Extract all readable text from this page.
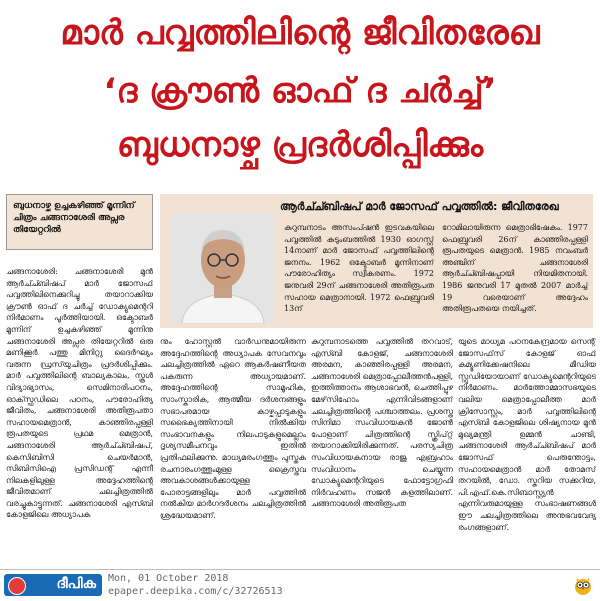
മാർ പവ്വത്തിലിന്റെ ജീവിതരേഖ
‘ദ ക്രൗൺ ഓഫ് ദ ചർച്ച്’
ബുധനാഴ്ച പ്രദർശിപ്പിക്കും
ബുധനാഴ്ച ഉച്ചകഴിഞ്ഞ് മൂന്നിന് ചിത്രം ചങ്ങനാശേരി അപ്സര തിയേറ്ററിൽ
ചങ്ങനാശേരി: ചങ്ങനാശേരി മുൻ ആർച്ച്ബിഷപ് മാർ ജോസഫ് പവ്വത്തിലിനെക്കുറിച്ചു തയാറാക്കിയ ക്രൗൺ ഓഫ് ദ ചർച്ച് ഡോക്യുമെന്ററി നിർമാണം പൂർത്തിയായി. ഒക്ടോബർ മൂന്നിന് ഉച്ചകഴിഞ്ഞ് മൂന്നിനു ചങ്ങനാശേരി അപ്സര തിയേറ്ററിൽ ഒരു മണിക്കൂർ പത്തു മിനിറ്റു ദൈർഘ്യം വരുന്ന ഡ്രസ്‌യുചിത്രം പ്രദർശിപ്പിക്കും. മാർ പവ്വത്തിലിന്റെ ബാല്യകാലം, സ്കൂൾ വിദ്യാഭ്യാസം, സെമിനാരിപഠനം, ഓക്സ്ഫഡിലെ പഠനം, പൗരോഹിത്യ ജീവിതം, ചങ്ങനാശേരി അതിരൂപതാ സഹായമെത്രാൻ, കാഞ്ഞിരപ്പള്ളി രൂപതയുടെ പ്രഥമ മെത്രാൻ, ചങ്ങനാശേരി ആർച്ച്ബിഷപ്, കെസിബിസി ചെയർമാൻ, സിബിസിഐ പ്രസിഡന്റ് എന്നീ നിലകളിലുള്ള അദ്ദേഹത്തിന്റെ ജീവിതമാണ് ചലച്ചിത്രത്തിൽ വരച്ചുകാട്ടുന്നത്. ചങ്ങനാശേരി എസ്ബി കോളജിലെ അധ്യാപക
ആർച്ച്ബിഷപ് മാർ ജോസഫ് പവ്വത്തിൽ: ജീവിതരേഖ
കുറുമ്പനാടം അസംപ്ഷൻ ഇടവകയിലെ പവ്വത്തിൽ കുടുംബത്തിൽ 1930 ഓഗസ്റ്റ് 14നാണ് മാർ ജോസഫ് പവ്വത്തിലിന്റെ ജനനം. 1962 ഒക്ടോബർ മൂന്നിനാണ് പൗരോഹിത്യം സ്വീകരണം. 1972 ജനുവരി 29ന് ചങ്ങനാശേരി അതിരൂപത സഹായ മെത്രാനായി. 1972 ഫെബ്രുവരി 13ന്
റോമിലായിരുന്ന മെത്രാഭിഷേകം. 1977 ഫെബ്രുവരി 26ന് കാഞ്ഞിരപ്പള്ളി രൂപതയുടെ മെത്രാൻ. 1985 നവംബർ അഞ്ചിന് ചങ്ങനാശേരി ആർച്ച്ബിഷപ്പായി നിയമിതനായി. 1986 ജനുവരി 17 മുതൽ 2007 മാർച്ച് 19 വരെയാണ് അദ്ദേഹം അതിരൂപതയെ നയിച്ചത്.
നും ഹോസ്റ്റൽ വാർഡനുമായിരുന്ന അദ്ദേഹത്തിന്റെ അധ്യാപക സേവനവും ചലച്ചിത്രത്തിൽ ഏറെ ആകർഷണീയത പകരുന്ന അധ്യായമാണ്. അദ്ദേഹത്തിന്റെ സാമൂഹിക, സാംസ്കാരിക, ആത്മീയ ദർശനങ്ങളും സഭാപരമായ കാഴ്ചപ്പാടുകളും സഭൈക്യത്തിനായി നിൽക്കിയ സംഭാവനകളും നിലപാടുകളുമെല്ലാം ദൃശ്യസമീപനവും ഇതിൽ പ്രതിഫലിക്കുന്നു. മാധ്യമരംഗത്തും പുസ്തക രചനാരംഗത്തുംമുള്ള ക്രൈസ്തവ അവകാശങ്ങൾക്കായുള്ള പോരാട്ടങ്ങളിലും മാർ പവ്വത്തിൽ നൽകിയ മാർഗദർശനം ചലച്ചിത്രത്തിൽ ശ്രദ്ധേയമാണ്.
കുറുമ്പനാടത്തെ പവ്വത്തിൽ തറവാട്, എസ്ബി കോളജ്, ചങ്ങനാശേരി അരമന, കാഞ്ഞിരപ്പള്ളി അരമന, ചങ്ങനാശേരി മെത്രാപ്പോലീത്തൻപള്ളി, ഇത്തിത്താനം ആശാഭവൻ, ചെത്തിപ്പുഴ മേഴ്‌സിഹോം എന്നിവിടങ്ങളാണ് ചലച്ചിത്രത്തിന്റെ പശ്ചാത്തലം. പ്രശസ്ത സിനിമാ സംവിധായകൻ ജോൺ പോളാണ് ചിത്രത്തിന്റെ സ്ക്രിപ്റ്റ് തയാറാക്കിയിരിക്കുന്നത്. പരസ്യചിത്ര സംവിധായകനായ രാജു എബ്രഹാം സംവിധാനം ചെയ്യുന്ന ഡോക്യുമെന്ററിയുടെ ഫോട്ടോഗ്രഫി നിർവഹണം സജൻ കളത്തിലാണ്. ചങ്ങനാശേരി അതിരൂപത
യുടെ മാധ്യമ പഠനകേന്ദ്രമായ സെന്റ് ജോസഫ്‌സ് കോളജ് ഓഫ് കമ്യൂണിക്കേഷനിലെ മീഡിയ സ്റ്റുഡിയോയാണ് ഡോക്യുമെന്ററിയുടെ നിർമാണം. മാർത്തോമ്മാസഭയുടെ വലിയ മെത്രാപ്പോലീത്ത മാർ ക്രിസോസ്റ്റം, മാർ പവ്വത്തിലിന്റെ എസ്ബി കോളജിലെ ശിഷ്യനായ മുൻ മുഖ്യമന്ത്രി ഉമ്മൻ ചാണ്ടി, ചങ്ങനാശേരി ആർച്ച്ബിഷപ് മാർ ജോസഫ് പെരുന്തോട്ടം, സഹായമെത്രാൻ മാർ തോമസ് തറയിൽ, ഡോ. സ്കറിയ സക്കറിയ, പി.എഫ്.കെ.സിബാസ്റ്റ്യൻ എന്നിവരുമായുള്ള സംഭാഷണങ്ങൾ ഈ ചലച്ചിത്രത്തിലെ അനുഭവവേദ്യ രംഗങ്ങളാണ്.
ദീപിക Mon, 01 October 2018
epaper.deepika.com/c/32726513
